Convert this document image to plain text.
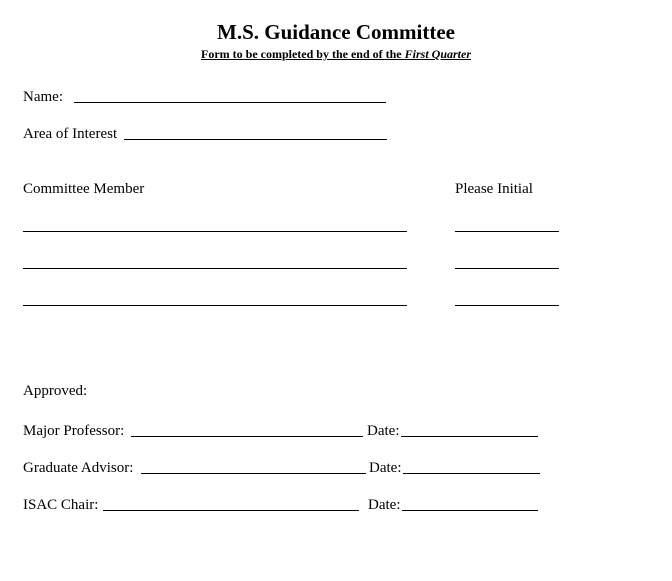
M.S. Guidance Committee
Form to be completed by the end of the First Quarter
Name:
Area of Interest
Committee Member	Please Initial
Approved:
Major Professor:	Date:
Graduate Advisor:	Date:
ISAC Chair:	Date:
